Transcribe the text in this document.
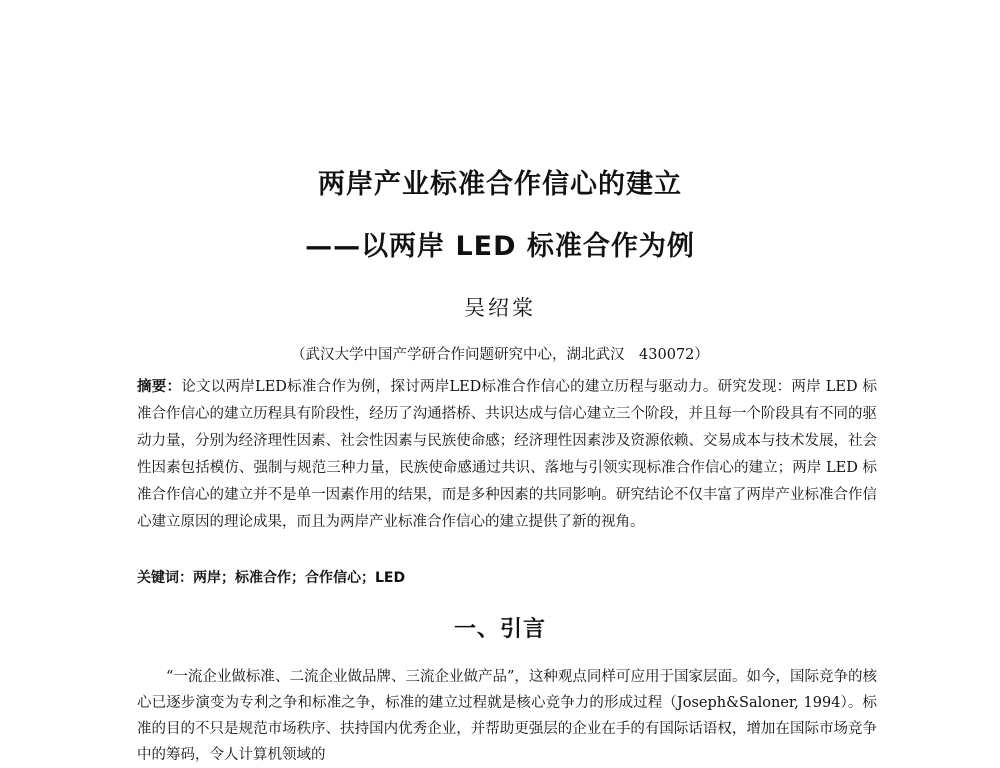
两岸产业标准合作信心的建立
——以两岸 LED 标准合作为例
吴绍棠
（武汉大学中国产学研合作问题研究中心，湖北武汉　430072）
摘要：论文以两岸LED标准合作为例，探讨两岸LED标准合作信心的建立历程与驱动力。研究发现：两岸 LED 标准合作信心的建立历程具有阶段性，经历了沟通搭桥、共识达成与信心建立三个阶段，并且每一个阶段具有不同的驱动力量，分别为经济理性因素、社会性因素与民族使命感；经济理性因素涉及资源依赖、交易成本与技术发展，社会性因素包括模仿、强制与规范三种力量，民族使命感通过共识、落地与引领实现标准合作信心的建立；两岸 LED 标准合作信心的建立并不是单一因素作用的结果，而是多种因素的共同影响。研究结论不仅丰富了两岸产业标准合作信心建立原因的理论成果，而且为两岸产业标准合作信心的建立提供了新的视角。
关键词：两岸；标准合作；合作信心；LED
一、引言
“一流企业做标准、二流企业做品牌、三流企业做产品”，这种观点同样可应用于国家层面。如今，国际竞争的核心已逐步演变为专利之争和标准之争，标准的建立过程就是核心竞争力的形成过程（Joseph&Saloner, 1994）。标准的目的不只是规范市场秩序、扶持国内优秀企业，并帮助更强层的企业在手的有国际话语权，增加在国际市场竞争中的筹码，令人计算机领域的
